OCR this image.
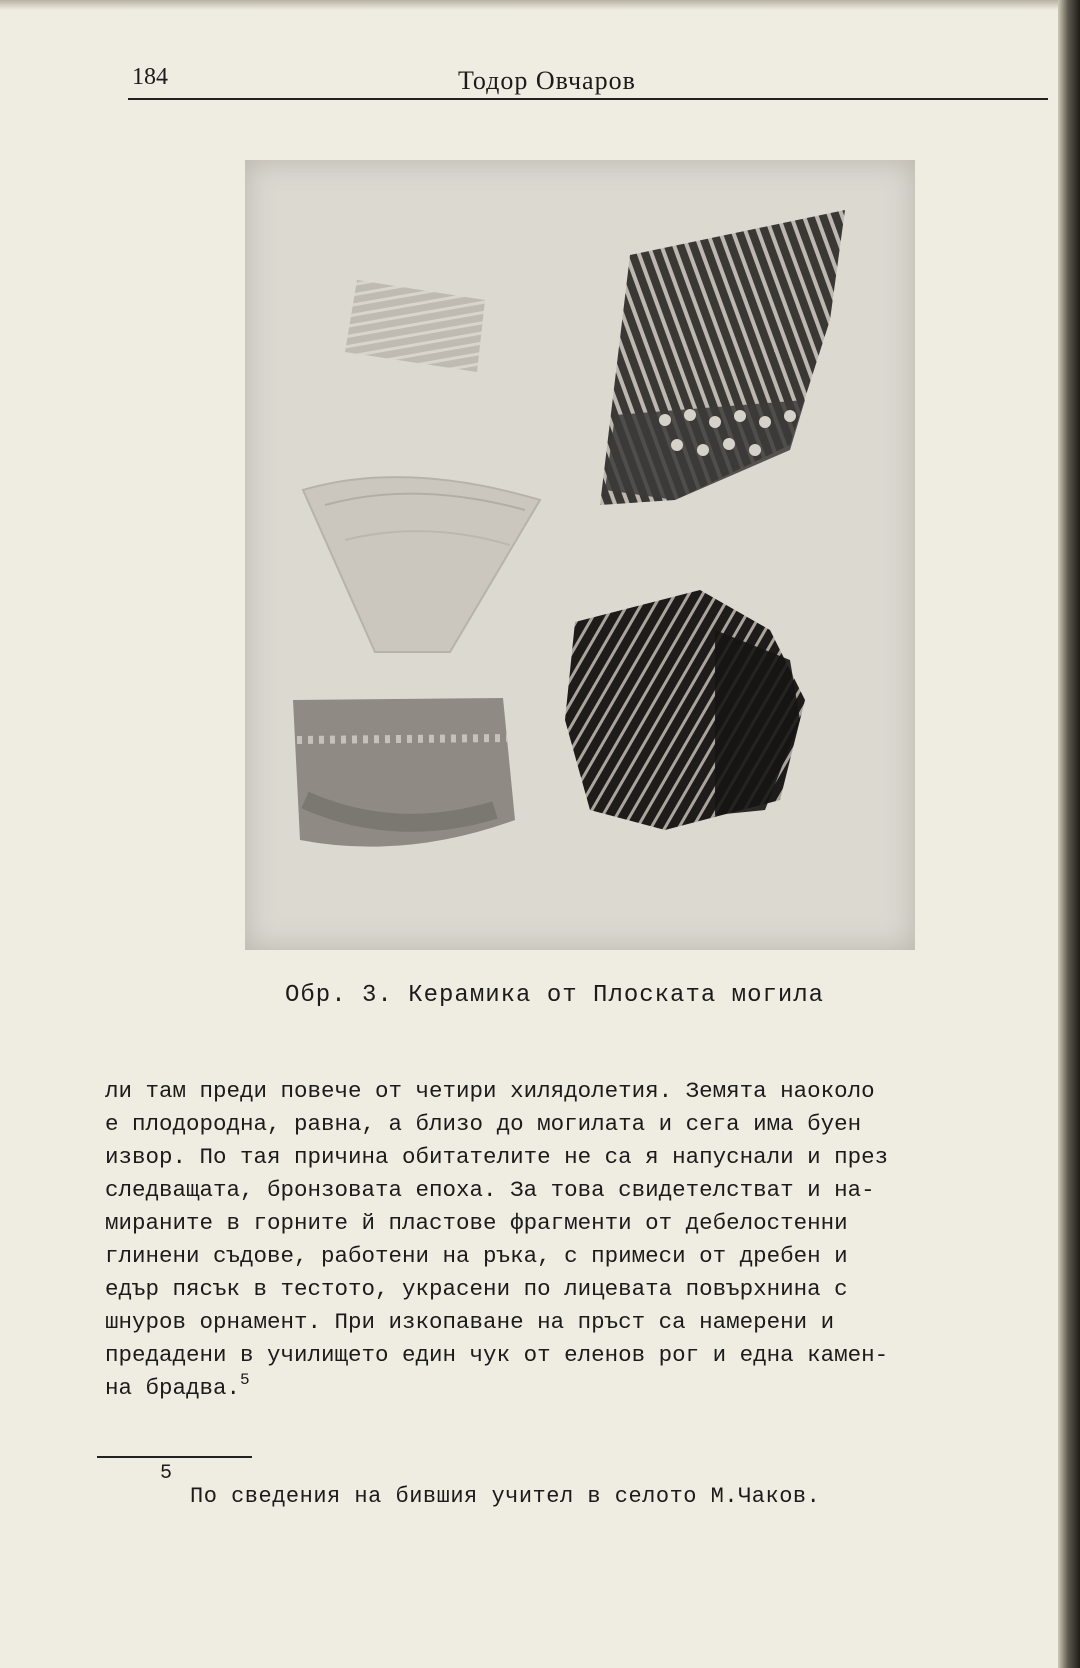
184	Тодор Овчаров
Обр. 3. Керамика от Плоската могила
ли там преди повече от четири хилядолетия. Земята наоколо
е плодородна, равна, а близо до могилата и сега има буен
извор. По тая причина обитателите не са я напуснали и през
следващата, бронзовата епоха. За това свидетелстват и на-
мираните в горните й пластове фрагменти от дебелостенни
глинени съдове, работени на ръка, с примеси от дребен и
едър пясък в тестото, украсени по лицевата повърхнина с
шнуров орнамент. При изкопаване на пръст са намерени и
предадени в училището един чук от еленов рог и една камен-
на брадва.$^5$
5
По сведения на бившия учител в селото М.Чаков.
